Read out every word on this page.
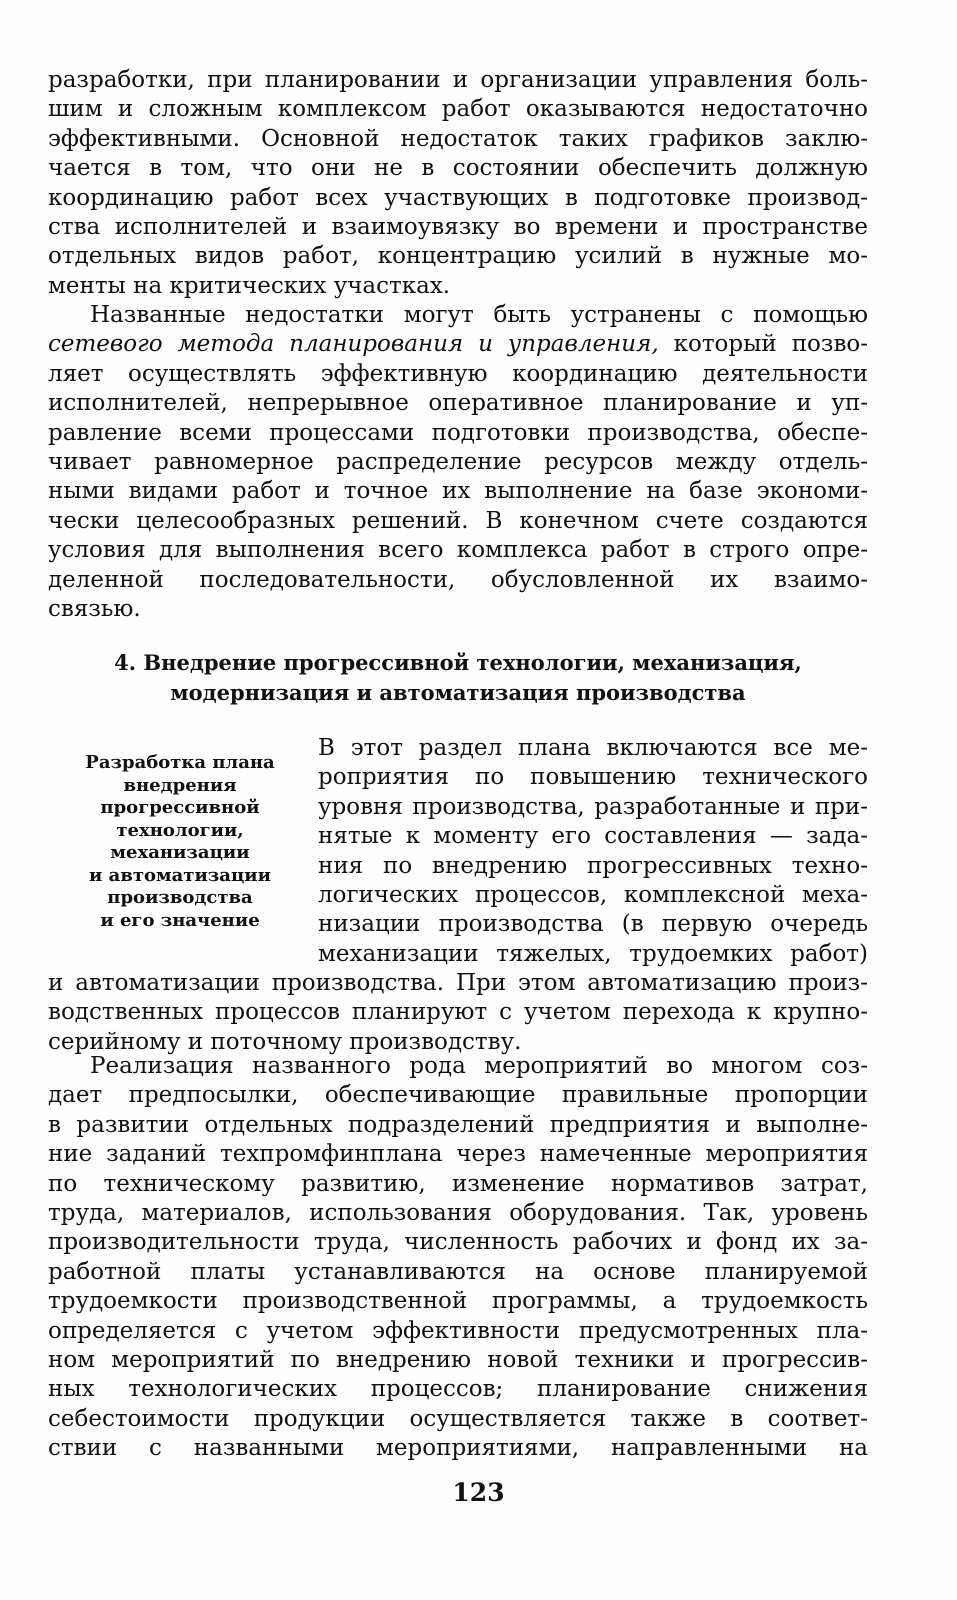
разработки, при планировании и организации управления боль-
шим и сложным комплексом работ оказываются недостаточно
эффективными. Основной недостаток таких графиков заклю-
чается в том, что они не в состоянии обеспечить должную
координацию работ всех участвующих в подготовке производ-
ства исполнителей и взаимоувязку во времени и пространстве
отдельных видов работ, концентрацию усилий в нужные мо-
менты на критических участках.
Названные недостатки могут быть устранены с помощью
сетевого метода планирования и управления, который позво-
ляет осуществлять эффективную координацию деятельности
исполнителей, непрерывное оперативное планирование и уп-
равление всеми процессами подготовки производства, обеспе-
чивает равномерное распределение ресурсов между отдель-
ными видами работ и точное их выполнение на базе экономи-
чески целесообразных решений. В конечном счете создаются
условия для выполнения всего комплекса работ в строго опре-
деленной последовательности, обусловленной их взаимо-
связью.
4. Внедрение прогрессивной технологии, механизация,
модернизация и автоматизация производства
Разработка плана
внедрения
прогрессивной
технологии,
механизации
и автоматизации
производства
и его значение
В этот раздел плана включаются все ме-
роприятия по повышению технического
уровня производства, разработанные и при-
нятые к моменту его составления — зада-
ния по внедрению прогрессивных техно-
логических процессов, комплексной меха-
низации производства (в первую очередь
механизации тяжелых, трудоемких работ)
и автоматизации производства. При этом автоматизацию произ-
водственных процессов планируют с учетом перехода к крупно-
серийному и поточному производству.
Реализация названного рода мероприятий во многом соз-
дает предпосылки, обеспечивающие правильные пропорции
в развитии отдельных подразделений предприятия и выполне-
ние заданий техпромфинплана через намеченные мероприятия
по техническому развитию, изменение нормативов затрат,
труда, материалов, использования оборудования. Так, уровень
производительности труда, численность рабочих и фонд их за-
работной платы устанавливаются на основе планируемой
трудоемкости производственной программы, а трудоемкость
определяется с учетом эффективности предусмотренных пла-
ном мероприятий по внедрению новой техники и прогрессив-
ных технологических процессов; планирование снижения
себестоимости продукции осуществляется также в соответ-
ствии с названными мероприятиями, направленными на
123
